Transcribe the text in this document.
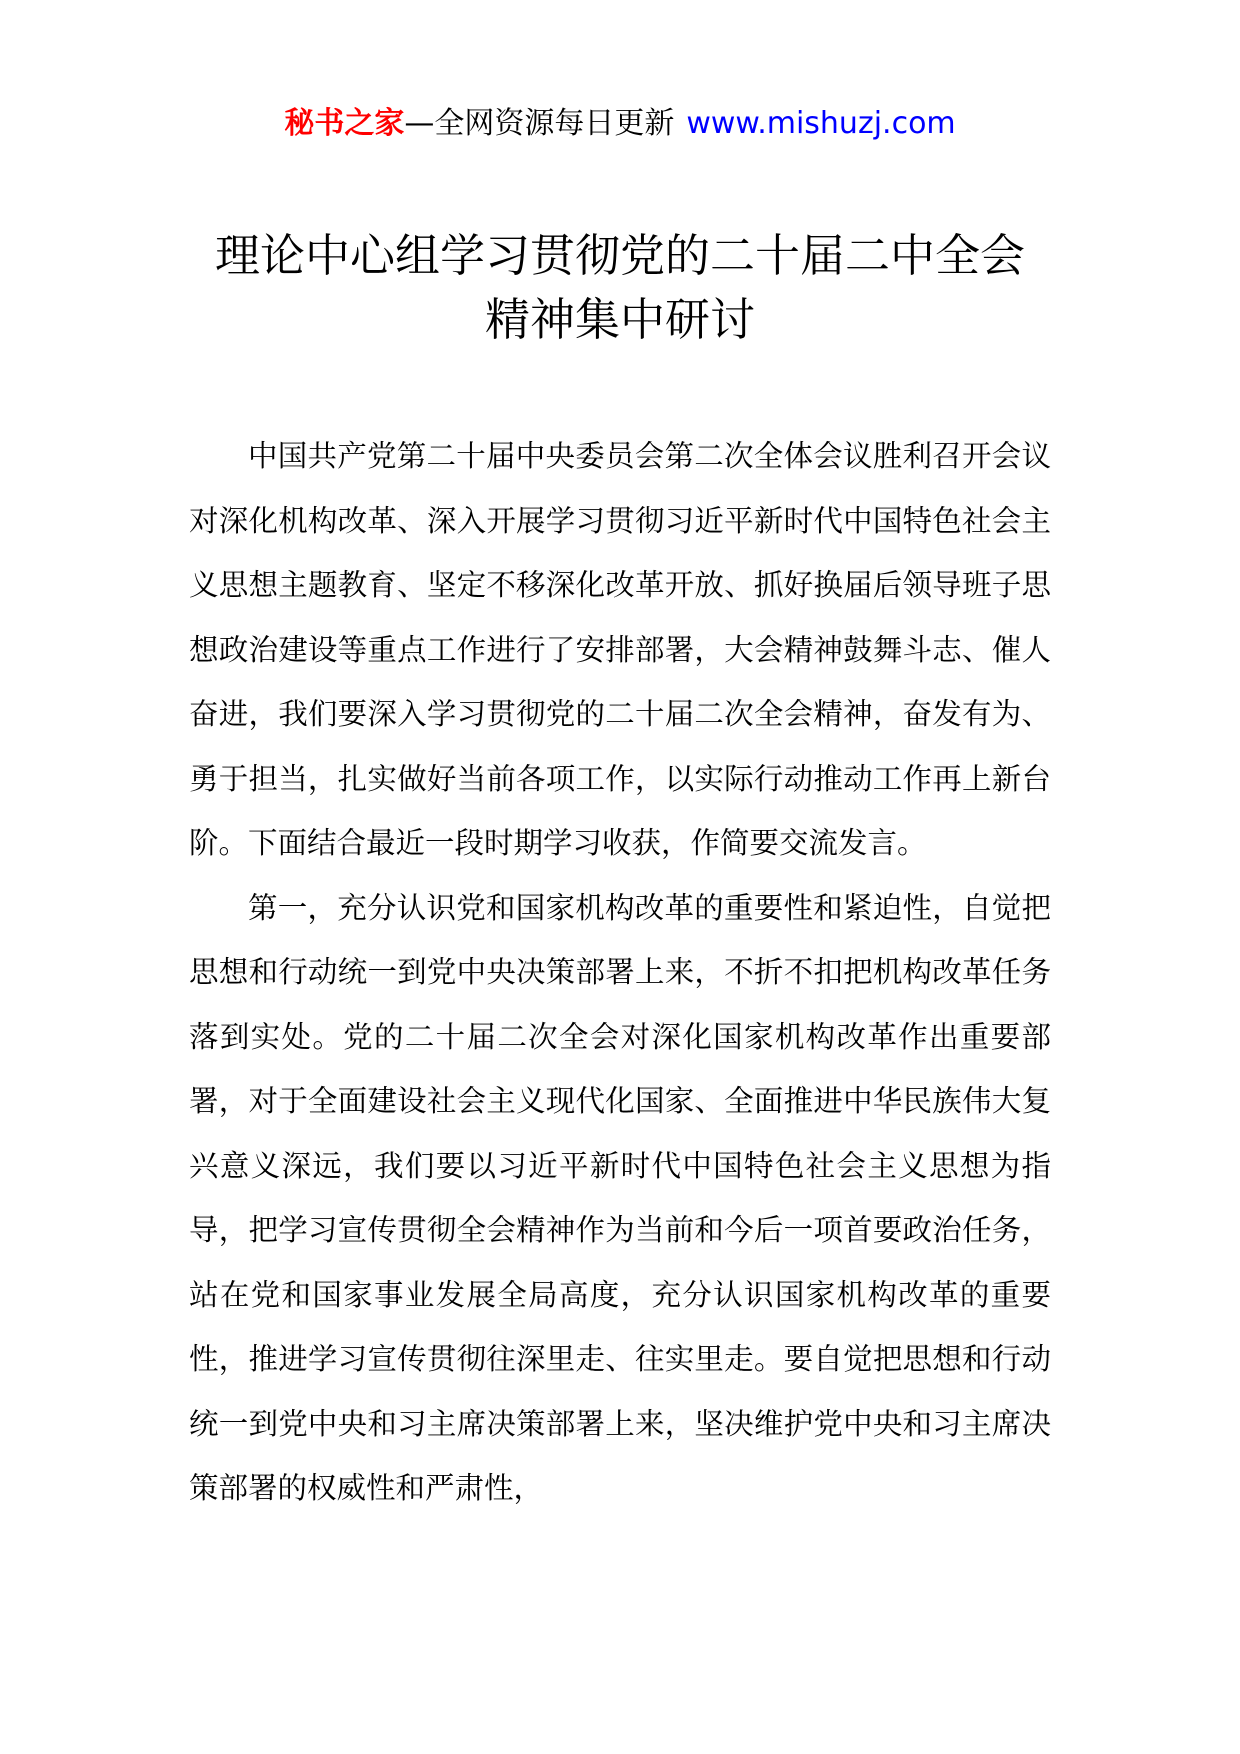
秘书之家—全网资源每日更新 www.mishuzj.com
理论中心组学习贯彻党的二十届二中全会
精神集中研讨

中国共产党第二十届中央委员会第二次全体会议胜利召开会议对深化机构改革、深入开展学习贯彻习近平新时代中国特色社会主义思想主题教育、坚定不移深化改革开放、抓好换届后领导班子思想政治建设等重点工作进行了安排部署，大会精神鼓舞斗志、催人奋进，我们要深入学习贯彻党的二十届二次全会精神，奋发有为、勇于担当，扎实做好当前各项工作，以实际行动推动工作再上新台阶。下面结合最近一段时期学习收获，作简要交流发言。

第一，充分认识党和国家机构改革的重要性和紧迫性，自觉把思想和行动统一到党中央决策部署上来，不折不扣把机构改革任务落到实处。党的二十届二次全会对深化国家机构改革作出重要部署，对于全面建设社会主义现代化国家、全面推进中华民族伟大复兴意义深远，我们要以习近平新时代中国特色社会主义思想为指导，把学习宣传贯彻全会精神作为当前和今后一项首要政治任务，站在党和国家事业发展全局高度，充分认识国家机构改革的重要性，推进学习宣传贯彻往深里走、往实里走。要自觉把思想和行动统一到党中央和习主席决策部署上来，坚决维护党中央和习主席决策部署的权威性和严肃性，
